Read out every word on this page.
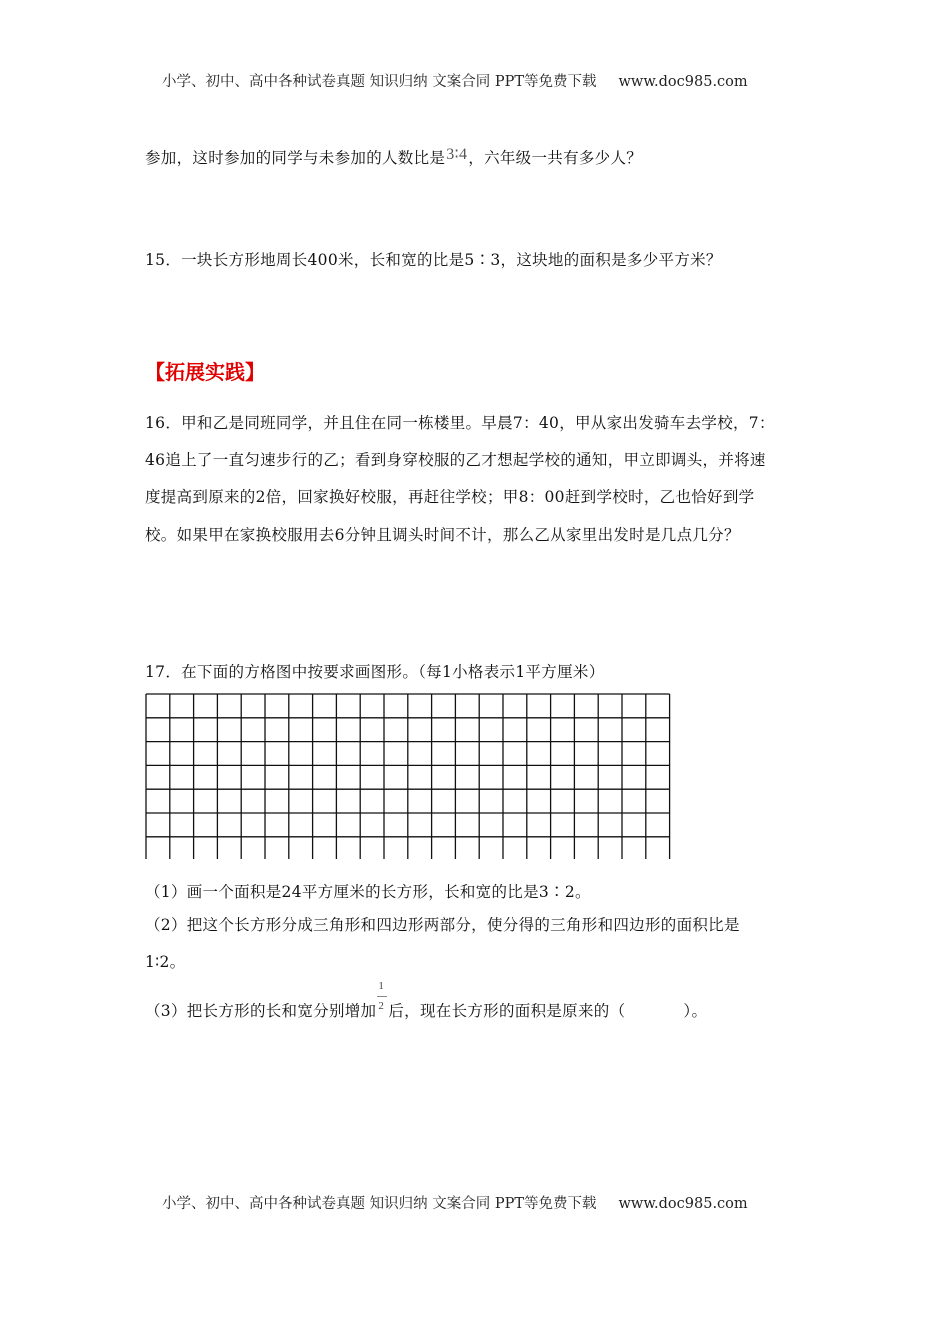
小学、初中、高中各种试卷真题 知识归纳 文案合同 PPT等免费下载 www.doc985.com
参加，这时参加的同学与未参加的人数比是3∶4，六年级一共有多少人？
15．一块长方形地周长400米，长和宽的比是5∶3，这块地的面积是多少平方米？
【拓展实践】
16．甲和乙是同班同学，并且住在同一栋楼里。早晨7：40，甲从家出发骑车去学校，7：
46追上了一直匀速步行的乙；看到身穿校服的乙才想起学校的通知，甲立即调头，并将速
度提高到原来的2倍，回家换好校服，再赶往学校；甲8：00赶到学校时，乙也恰好到学
校。如果甲在家换校服用去6分钟且调头时间不计，那么乙从家里出发时是几点几分？
17．在下面的方格图中按要求画图形。（每1小格表示1平方厘米）
（1）画一个面积是24平方厘米的长方形，长和宽的比是3∶2。
（2）把这个长方形分成三角形和四边形两部分，使分得的三角形和四边形的面积比是
1∶2。
（3）把长方形的长和宽分别增加 $\frac{1}{2}$ 后，现在长方形的面积是原来的（	）。
小学、初中、高中各种试卷真题 知识归纳 文案合同 PPT等免费下载 www.doc985.com
